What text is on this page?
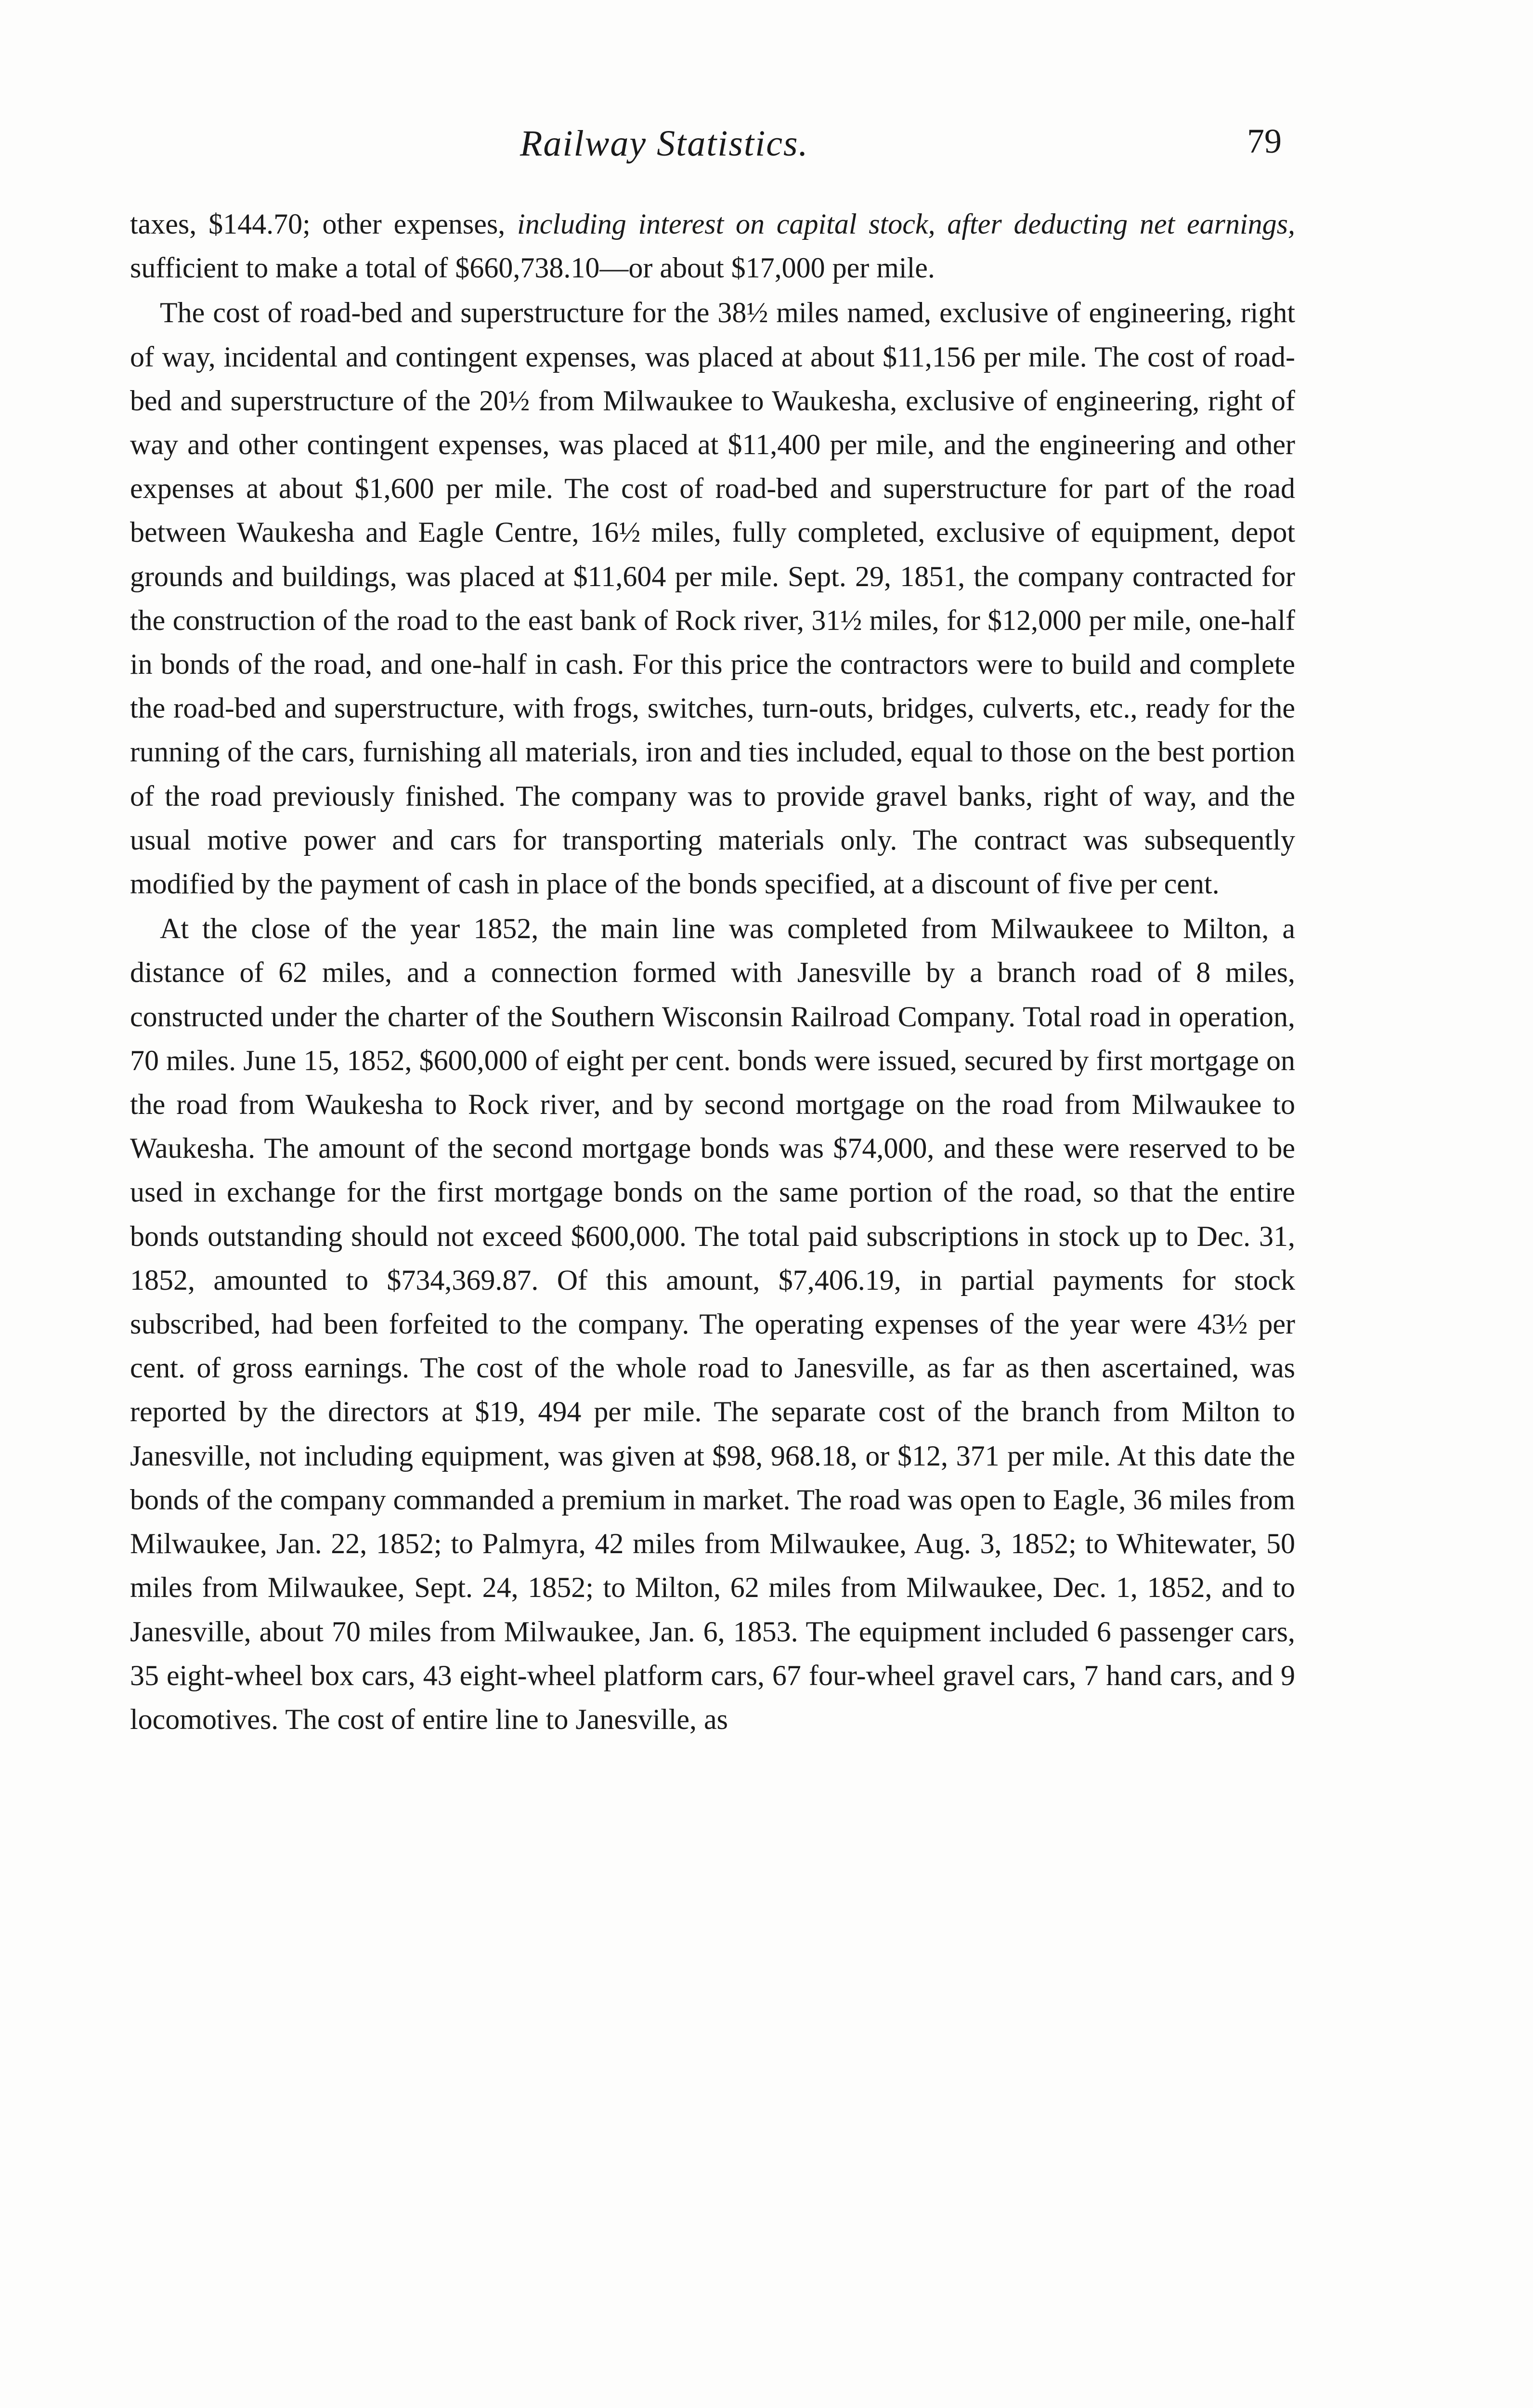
Railway Statistics.	79

taxes, $144.70; other expenses, including interest on capital stock, after deducting net earnings, sufficient to make a total of $660,738.10—or about $17,000 per mile.

The cost of road-bed and superstructure for the 38½ miles named, exclusive of engineering, right of way, incidental and contingent expenses, was placed at about $11,156 per mile. The cost of road-bed and superstructure of the 20½ from Milwaukee to Waukesha, exclusive of engineering, right of way and other contingent expenses, was placed at $11,400 per mile, and the engineering and other expenses at about $1,600 per mile. The cost of road-bed and superstructure for part of the road between Waukesha and Eagle Centre, 16½ miles, fully completed, exclusive of equipment, depot grounds and buildings, was placed at $11,604 per mile. Sept. 29, 1851, the company contracted for the construction of the road to the east bank of Rock river, 31½ miles, for $12,000 per mile, one-half in bonds of the road, and one-half in cash. For this price the contractors were to build and complete the road-bed and superstructure, with frogs, switches, turn-outs, bridges, culverts, etc., ready for the running of the cars, furnishing all materials, iron and ties included, equal to those on the best portion of the road previously finished. The company was to provide gravel banks, right of way, and the usual motive power and cars for transporting materials only. The contract was subsequently modified by the payment of cash in place of the bonds specified, at a discount of five per cent.

At the close of the year 1852, the main line was completed from Milwaukeee to Milton, a distance of 62 miles, and a connection formed with Janesville by a branch road of 8 miles, constructed under the charter of the Southern Wisconsin Railroad Company. Total road in operation, 70 miles. June 15, 1852, $600,000 of eight per cent. bonds were issued, secured by first mortgage on the road from Waukesha to Rock river, and by second mortgage on the road from Milwaukee to Waukesha. The amount of the second mortgage bonds was $74,000, and these were reserved to be used in exchange for the first mortgage bonds on the same portion of the road, so that the entire bonds outstanding should not exceed $600,000. The total paid subscriptions in stock up to Dec. 31, 1852, amounted to $734,369.87. Of this amount, $7,406.19, in partial payments for stock subscribed, had been forfeited to the company. The operating expenses of the year were 43½ per cent. of gross earnings. The cost of the whole road to Janesville, as far as then ascertained, was reported by the directors at $19, 494 per mile. The separate cost of the branch from Milton to Janesville, not including equipment, was given at $98, 968.18, or $12, 371 per mile. At this date the bonds of the company commanded a premium in market. The road was open to Eagle, 36 miles from Milwaukee, Jan. 22, 1852; to Palmyra, 42 miles from Milwaukee, Aug. 3, 1852; to Whitewater, 50 miles from Milwaukee, Sept. 24, 1852; to Milton, 62 miles from Milwaukee, Dec. 1, 1852, and to Janesville, about 70 miles from Milwaukee, Jan. 6, 1853. The equipment included 6 passenger cars, 35 eight-wheel box cars, 43 eight-wheel platform cars, 67 four-wheel gravel cars, 7 hand cars, and 9 locomotives. The cost of entire line to Janesville, as
